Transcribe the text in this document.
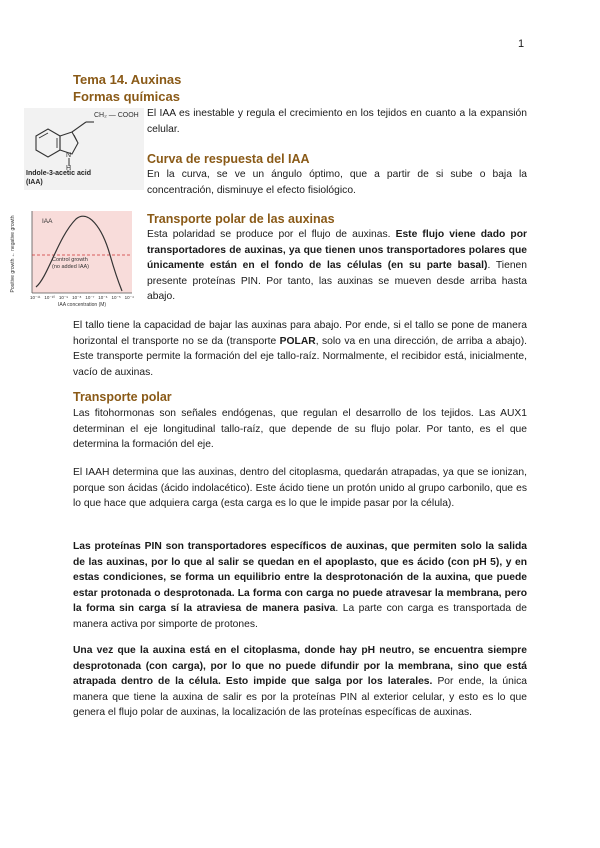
1
Tema 14. Auxinas
Formas químicas
CH₂ — COOH
N
H
Indole-3-acetic acid
(IAA)
El IAA es inestable y regula el crecimiento en los tejidos en cuanto a la expansión celular.
Curva de respuesta del IAA
En la curva, se ve un ángulo óptimo, que a partir de si sube o baja la concentración, disminuye el efecto fisiológico.
IAA
Control growth
(no added IAA)
Positive growth ← negative growth
10⁻¹¹ 10⁻¹⁰ 10⁻⁹ 10⁻⁸ 10⁻⁷ 10⁻⁶ 10⁻⁵ 10⁻⁴
IAA concentration (M)
Transporte polar de las auxinas
Esta polaridad se produce por el flujo de auxinas. Este flujo viene dado por transportadores de auxinas, ya que tienen unos transportadores polares que únicamente están en el fondo de las células (en su parte basal). Tienen presente proteínas PIN. Por tanto, las auxinas se mueven desde arriba hasta abajo.
El tallo tiene la capacidad de bajar las auxinas para abajo. Por ende, si el tallo se pone de manera horizontal el transporte no se da (transporte POLAR, solo va en una dirección, de arriba a abajo). Este transporte permite la formación del eje tallo-raíz. Normalmente, el recibidor está, inicialmente, vacío de auxinas.
Transporte polar
Las fitohormonas son señales endógenas, que regulan el desarrollo de los tejidos. Las AUX1 determinan el eje longitudinal tallo-raíz, que depende de su flujo polar. Por tanto, es el que determina la formación del eje.
El IAAH determina que las auxinas, dentro del citoplasma, quedarán atrapadas, ya que se ionizan, porque son ácidas (ácido indolacético). Este ácido tiene un protón unido al grupo carbonilo, que es lo que hace que adquiera carga (esta carga es lo que le impide pasar por la célula).
Las proteínas PIN son transportadores específicos de auxinas, que permiten solo la salida de las auxinas, por lo que al salir se quedan en el apoplasto, que es ácido (con pH 5), y en estas condiciones, se forma un equilibrio entre la desprotonación de la auxina, que puede estar protonada o desprotonada. La forma con carga no puede atravesar la membrana, pero la forma sin carga sí la atraviesa de manera pasiva. La parte con carga es transportada de manera activa por simporte de protones.
Una vez que la auxina está en el citoplasma, donde hay pH neutro, se encuentra siempre desprotonada (con carga), por lo que no puede difundir por la membrana, sino que está atrapada dentro de la célula. Esto impide que salga por los laterales. Por ende, la única manera que tiene la auxina de salir es por la proteínas PIN al exterior celular, y esto es lo que genera el flujo polar de auxinas, la localización de las proteínas específicas de auxinas.
